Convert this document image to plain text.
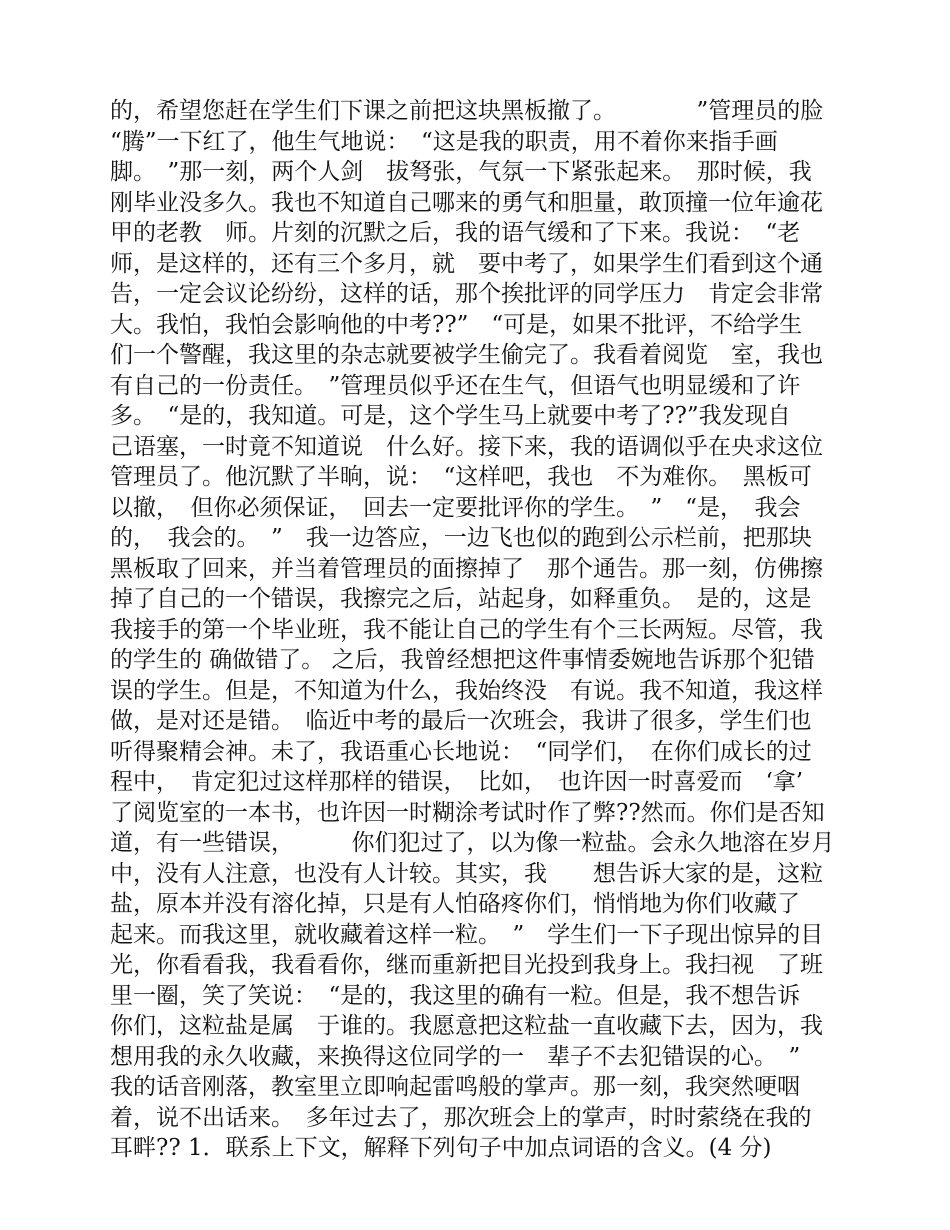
的，希望您赶在学生们下课之前把这块黑板撤了。　　　　”管理员的脸
“腾”一下红了，他生气地说：　“这是我的职责，用不着你来指手画
脚。　”那一刻，两个人剑　拔弩张，气氛一下紧张起来。　那时候，我
刚毕业没多久。我也不知道自己哪来的勇气和胆量，敢顶撞一位年逾花
甲的老教　师。片刻的沉默之后，我的语气缓和了下来。我说：　“老
师，是这样的，还有三个多月，就　要中考了，如果学生们看到这个通
告，一定会议论纷纷，这样的话，那个挨批评的同学压力　肯定会非常
大。我怕，我怕会影响他的中考??”　“可是，如果不批评，不给学生
们一个警醒，我这里的杂志就要被学生偷完了。我看着阅览　室，我也
有自己的一份责任。　”管理员似乎还在生气，但语气也明显缓和了许
多。　“是的，我知道。可是，这个学生马上就要中考了??”我发现自
己语塞，一时竟不知道说　什么好。接下来，我的语调似乎在央求这位
管理员了。他沉默了半晌，说：　“这样吧，我也　不为难你。　黑板可
以撤，　但你必须保证，　回去一定要批评你的学生。　”　“是，　我会
的，　我会的。　”　我一边答应，一边飞也似的跑到公示栏前，把那块
黑板取了回来，并当着管理员的面擦掉了　那个通告。那一刻，仿佛擦
掉了自己的一个错误，我擦完之后，站起身，如释重负。　是的，这是
我接手的第一个毕业班，我不能让自己的学生有个三长两短。尽管，我
的学生的 确做错了。 之后，我曾经想把这件事情委婉地告诉那个犯错
误的学生。但是，不知道为什么，我始终没　有说。我不知道，我这样
做，是对还是错。　临近中考的最后一次班会，我讲了很多，学生们也
听得聚精会神。未了，我语重心长地说：　“同学们，　在你们成长的过
程中，　肯定犯过这样那样的错误，　比如，　也许因一时喜爱而　‘拿’
了阅览室的一本书，也许因一时糊涂考试时作了弊??然而。你们是否知
道，有一些错误，　　　你们犯过了，以为像一粒盐。会永久地溶在岁月
中，没有人注意，也没有人计较。其实，我　　想告诉大家的是，这粒
盐，原本并没有溶化掉，只是有人怕硌疼你们，悄悄地为你们收藏了
起来。而我这里，就收藏着这样一粒。　”　学生们一下子现出惊异的目
光，你看看我，我看看你，继而重新把目光投到我身上。我扫视　了班
里一圈，笑了笑说：　“是的，我这里的确有一粒。但是，我不想告诉
你们，这粒盐是属　于谁的。我愿意把这粒盐一直收藏下去，因为，我
想用我的永久收藏，来换得这位同学的一　辈子不去犯错误的心。　”
我的话音刚落，教室里立即响起雷鸣般的掌声。那一刻，我突然哽咽
着，说不出话来。　多年过去了，那次班会上的掌声，时时萦绕在我的
耳畔?? 1．联系上下文，解释下列句子中加点词语的含义。(4 分)
